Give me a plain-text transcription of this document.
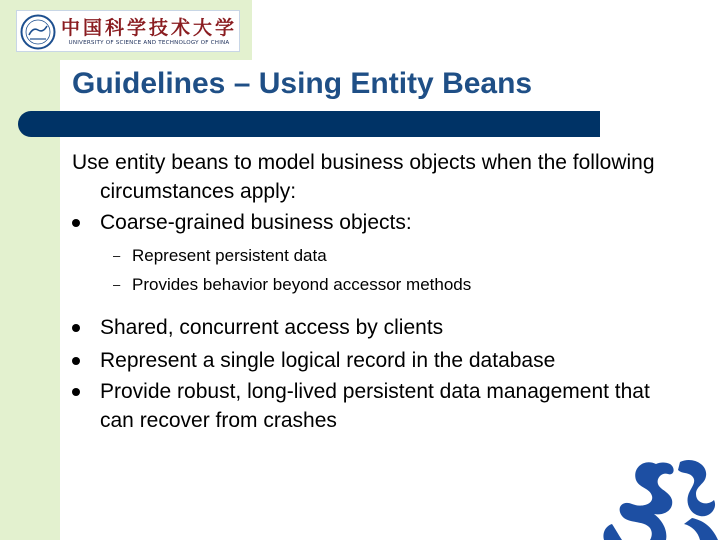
中国科学技术大学
UNIVERSITY OF SCIENCE AND TECHNOLOGY OF CHINA
Guidelines – Using Entity Beans
Use entity beans to model business objects when the following circumstances apply:
Coarse-grained business objects:
– Represent persistent data
– Provides behavior beyond accessor methods
Shared, concurrent access by clients
Represent a single logical record in the database
Provide robust, long-lived persistent data management that can recover from crashes
